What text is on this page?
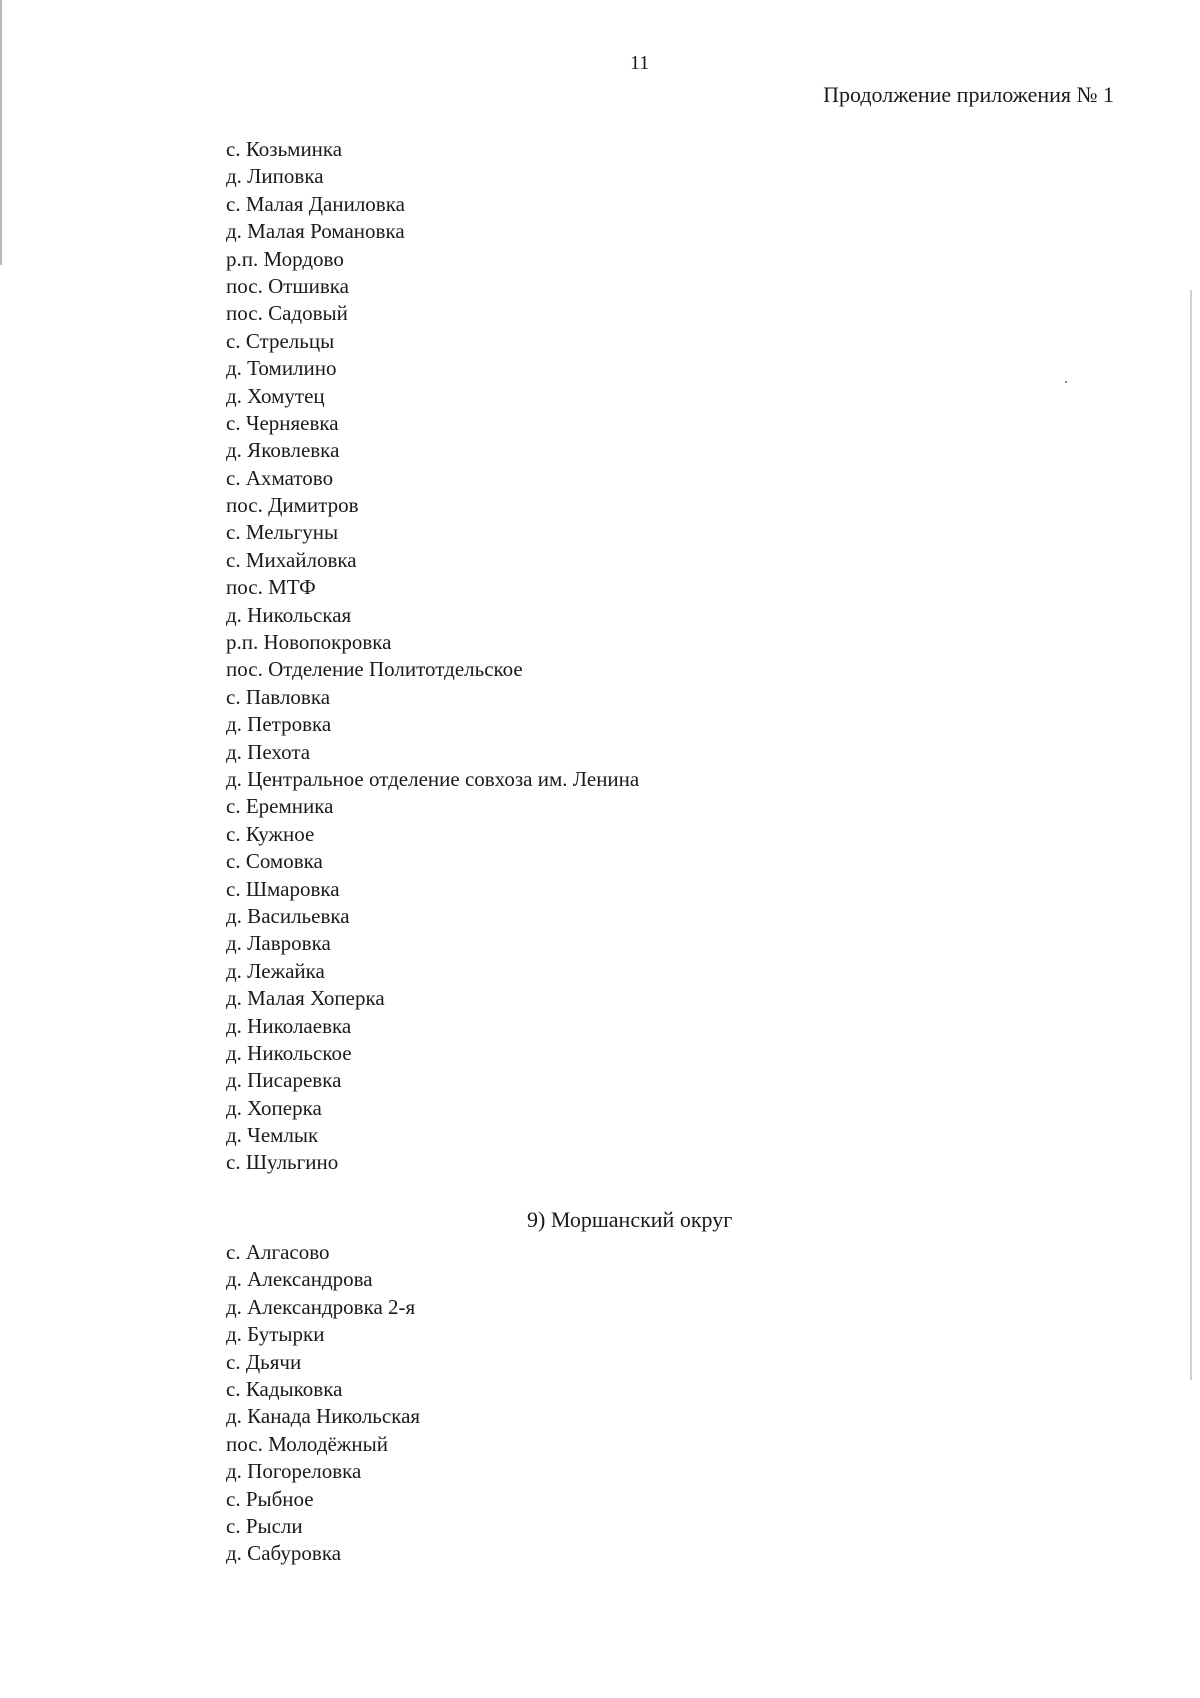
11
Продолжение приложения № 1
с. Козьминка
д. Липовка
с. Малая Даниловка
д. Малая Романовка
р.п. Мордово
пос. Отшивка
пос. Садовый
с. Стрельцы
д. Томилино
д. Хомутец
с. Черняевка
д. Яковлевка
с. Ахматово
пос. Димитров
с. Мельгуны
с. Михайловка
пос. МТФ
д. Никольская
р.п. Новопокровка
пос. Отделение Политотдельское
с. Павловка
д. Петровка
д. Пехота
д. Центральное отделение совхоза им. Ленина
с. Еремника
с. Кужное
с. Сомовка
с. Шмаровка
д. Васильевка
д. Лавровка
д. Лежайка
д. Малая Хоперка
д. Николаевка
д. Никольское
д. Писаревка
д. Хоперка
д. Чемлык
с. Шульгино
9) Моршанский округ
с. Алгасово
д. Александрова
д. Александровка 2-я
д. Бутырки
с. Дьячи
с. Кадыковка
д. Канада Никольская
пос. Молодёжный
д. Погореловка
с. Рыбное
с. Рысли
д. Сабуровка
